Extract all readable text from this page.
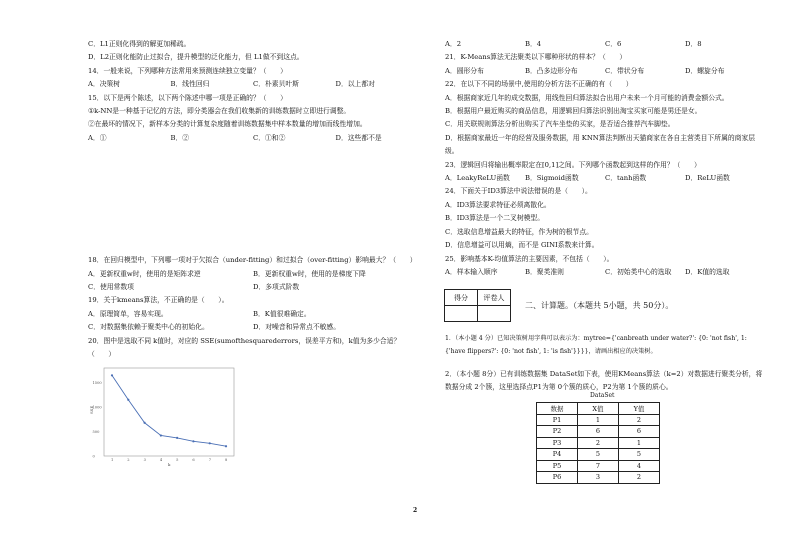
C．L1正则化得到的解更加稀疏。
D．L2正则化能防止过拟合，提升模型的泛化能力，但 L1做不到这点。
14．一般来说，下列哪种方法常用来预测连续独立变量？（　　）
A．决策树	B．线性回归	C．朴素贝叶斯	D．以上都对
15．以下是两个陈述，以下两个陈述中哪一项是正确的？（　　）
①k-NN是一种基于记忆的方法，即分类器会在我们收集新的训练数据时立即进行调整。
②在最坏的情况下，新样本分类的计算复杂度随着训练数据集中样本数量的增加而线性增加。
A．①	B．②	C．①和②	D．这些都不是
18．在回归模型中，下列哪一项对于欠拟合（under-fitting）和过拟合（over-fitting）影响最大？（　　）
A．更新权重w时，使用的是矩阵求逆	B．更新权重w时，使用的是梯度下降
C．使用常数项	D．多项式阶数
19．关于kmeans算法，不正确的是（　　）。
A．原理简单，容易实现。	B．K值很难确定。
C．对数据集依赖于聚类中心的初始化。	D．对噪音和异常点不敏感。
20．图中是选取不同 k值时，对应的 SSE(sumofthesquarederrors，误差平方和)，k值为多少合适？（　　）
1	2	3	4	5	6	7	8
0
500
1000
1500
SSE
k
A．2	B．4	C．6	D．8
21．K-Means算法无法聚类以下哪种形状的样本？（　　）
A．圆形分布	B．凸多边形分布	C．带状分布	D．螺旋分布
22．在以下不同的场景中,使用的分析方法不正确的有（　　）
A．根据商家近几年的成交数据，用线性回归算法拟合出用户未来一个月可能的消费金额公式。
B．根据用户最近购买的商品信息，用逻辑回归算法识别出淘宝买家可能是男还是女。
C．用关联规则算法分析出购买了汽车坐垫的买家，是否适合推荐汽车脚垫。
D．根据商家最近一年的经营及服务数据，用 KNN算法判断出天猫商家在各自主营类目下所属的商家层级。
23．逻辑回归将输出概率限定在[0,1]之间。下列哪个函数起到这样的作用？（　　）
A．LeakyReLU函数	B．Sigmoid函数	C．tanh函数	D．ReLU函数
24．下面关于ID3算法中说法错误的是（　　）。
A．ID3算法要求特征必须离散化。
B．ID3算法是一个二叉树模型。
C．选取信息增益最大的特征，作为树的根节点。
D．信息增益可以用熵，而不是 GINI系数来计算。
25．影响基本K-均值算法的主要因素，不包括（　　）。
A．样本输入顺序	B．聚类准则	C．初始类中心的选取	D．K值的选取
得分	评卷人

二、计算题。（本题共 5小题，共 50分）。
1．（本小题 4 分）已知决策树用字典可以表示为：mytree={'canbreath under water?': {0: 'not fish', 1: {'have flippers?': {0: 'not fish', 1: 'is fish'}}}}，请画出相应的决策树。
2．（本小题 8分）已有训练数据集 DataSet如下表，使用KMeans算法（k=2）对数据进行聚类分析，将数据分成 2个簇，这里选择点P1为第 0个簇的质心，P2为第 1个簇的质心。
DataSet
数据	X值	Y值
P1	1	2
P2	6	6
P3	2	1
P4	5	5
P5	7	4
P6	3	2
2
